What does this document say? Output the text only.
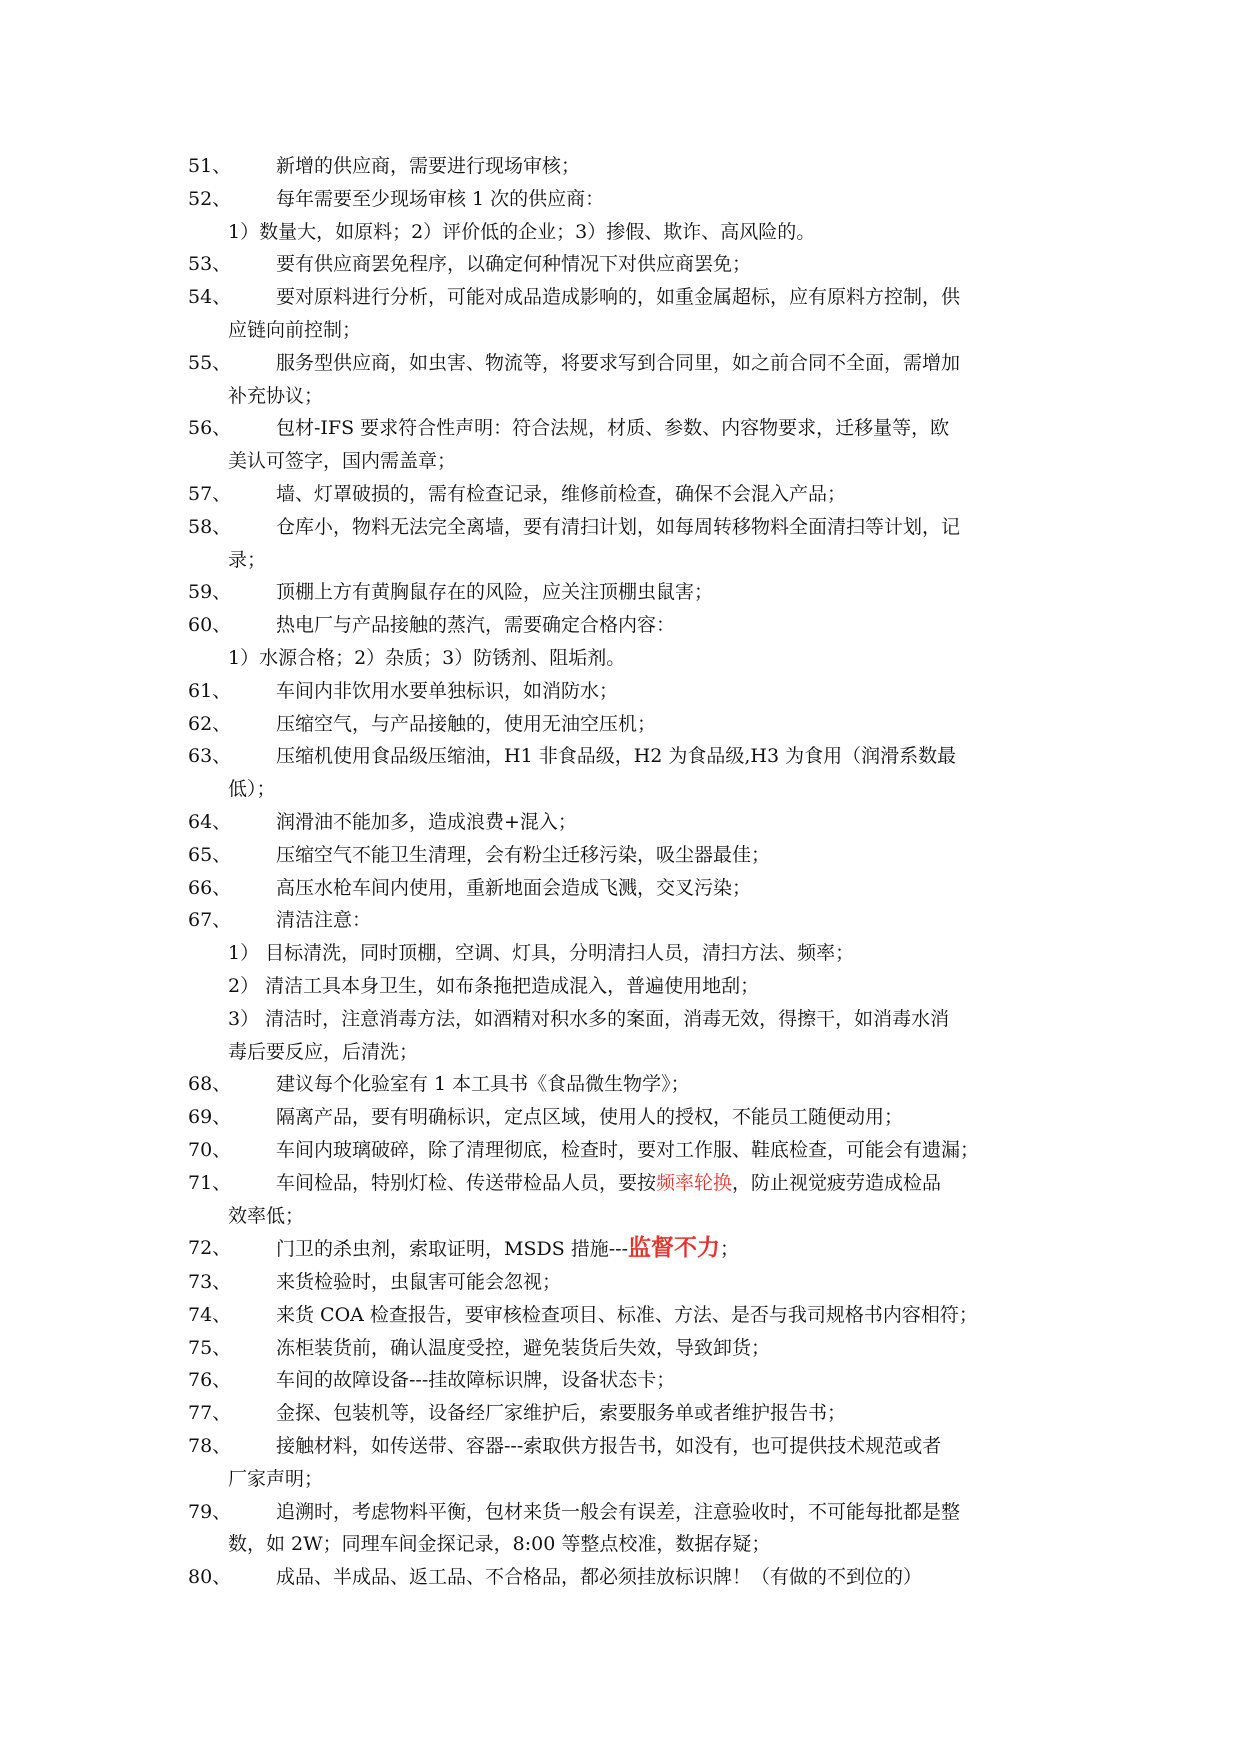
51、	新增的供应商，需要进行现场审核；
52、	每年需要至少现场审核 1 次的供应商：
1）数量大，如原料；2）评价低的企业；3）掺假、欺诈、高风险的。
53、	要有供应商罢免程序，以确定何种情况下对供应商罢免；
54、	要对原料进行分析，可能对成品造成影响的，如重金属超标，应有原料方控制，供
应链向前控制；
55、	服务型供应商，如虫害、物流等，将要求写到合同里，如之前合同不全面，需增加
补充协议；
56、	包材-IFS 要求符合性声明：符合法规，材质、参数、内容物要求，迁移量等，欧
美认可签字，国内需盖章；
57、	墙、灯罩破损的，需有检查记录，维修前检查，确保不会混入产品；
58、	仓库小，物料无法完全离墙，要有清扫计划，如每周转移物料全面清扫等计划，记
录；
59、	顶棚上方有黄胸鼠存在的风险，应关注顶棚虫鼠害；
60、	热电厂与产品接触的蒸汽，需要确定合格内容：
1）水源合格；2）杂质；3）防锈剂、阻垢剂。
61、	车间内非饮用水要单独标识，如消防水；
62、	压缩空气，与产品接触的，使用无油空压机；
63、	压缩机使用食品级压缩油，H1 非食品级，H2 为食品级,H3 为食用（润滑系数最
低）；
64、	润滑油不能加多，造成浪费+混入；
65、	压缩空气不能卫生清理，会有粉尘迁移污染，吸尘器最佳；
66、	高压水枪车间内使用，重新地面会造成飞溅，交叉污染；
67、	清洁注意：
1） 目标清洗，同时顶棚，空调、灯具，分明清扫人员，清扫方法、频率；
2） 清洁工具本身卫生，如布条拖把造成混入，普遍使用地刮；
3） 清洁时，注意消毒方法，如酒精对积水多的案面，消毒无效，得擦干，如消毒水消
毒后要反应，后清洗；
68、	建议每个化验室有 1 本工具书《食品微生物学》；
69、	隔离产品，要有明确标识，定点区域，使用人的授权，不能员工随便动用；
70、	车间内玻璃破碎，除了清理彻底，检查时，要对工作服、鞋底检查，可能会有遗漏；
71、	车间检品，特别灯检、传送带检品人员，要按频率轮换，防止视觉疲劳造成检品
效率低；
72、	门卫的杀虫剂，索取证明，MSDS 措施---监督不力；
73、	来货检验时，虫鼠害可能会忽视；
74、	来货 COA 检查报告，要审核检查项目、标准、方法、是否与我司规格书内容相符；
75、	冻柜装货前，确认温度受控，避免装货后失效，导致卸货；
76、	车间的故障设备---挂故障标识牌，设备状态卡；
77、	金探、包装机等，设备经厂家维护后，索要服务单或者维护报告书；
78、	接触材料，如传送带、容器---索取供方报告书，如没有，也可提供技术规范或者
厂家声明；
79、	追溯时，考虑物料平衡，包材来货一般会有误差，注意验收时，不可能每批都是整
数，如 2W；同理车间金探记录，8:00 等整点校准，数据存疑；
80、	成品、半成品、返工品、不合格品，都必须挂放标识牌！（有做的不到位的）
